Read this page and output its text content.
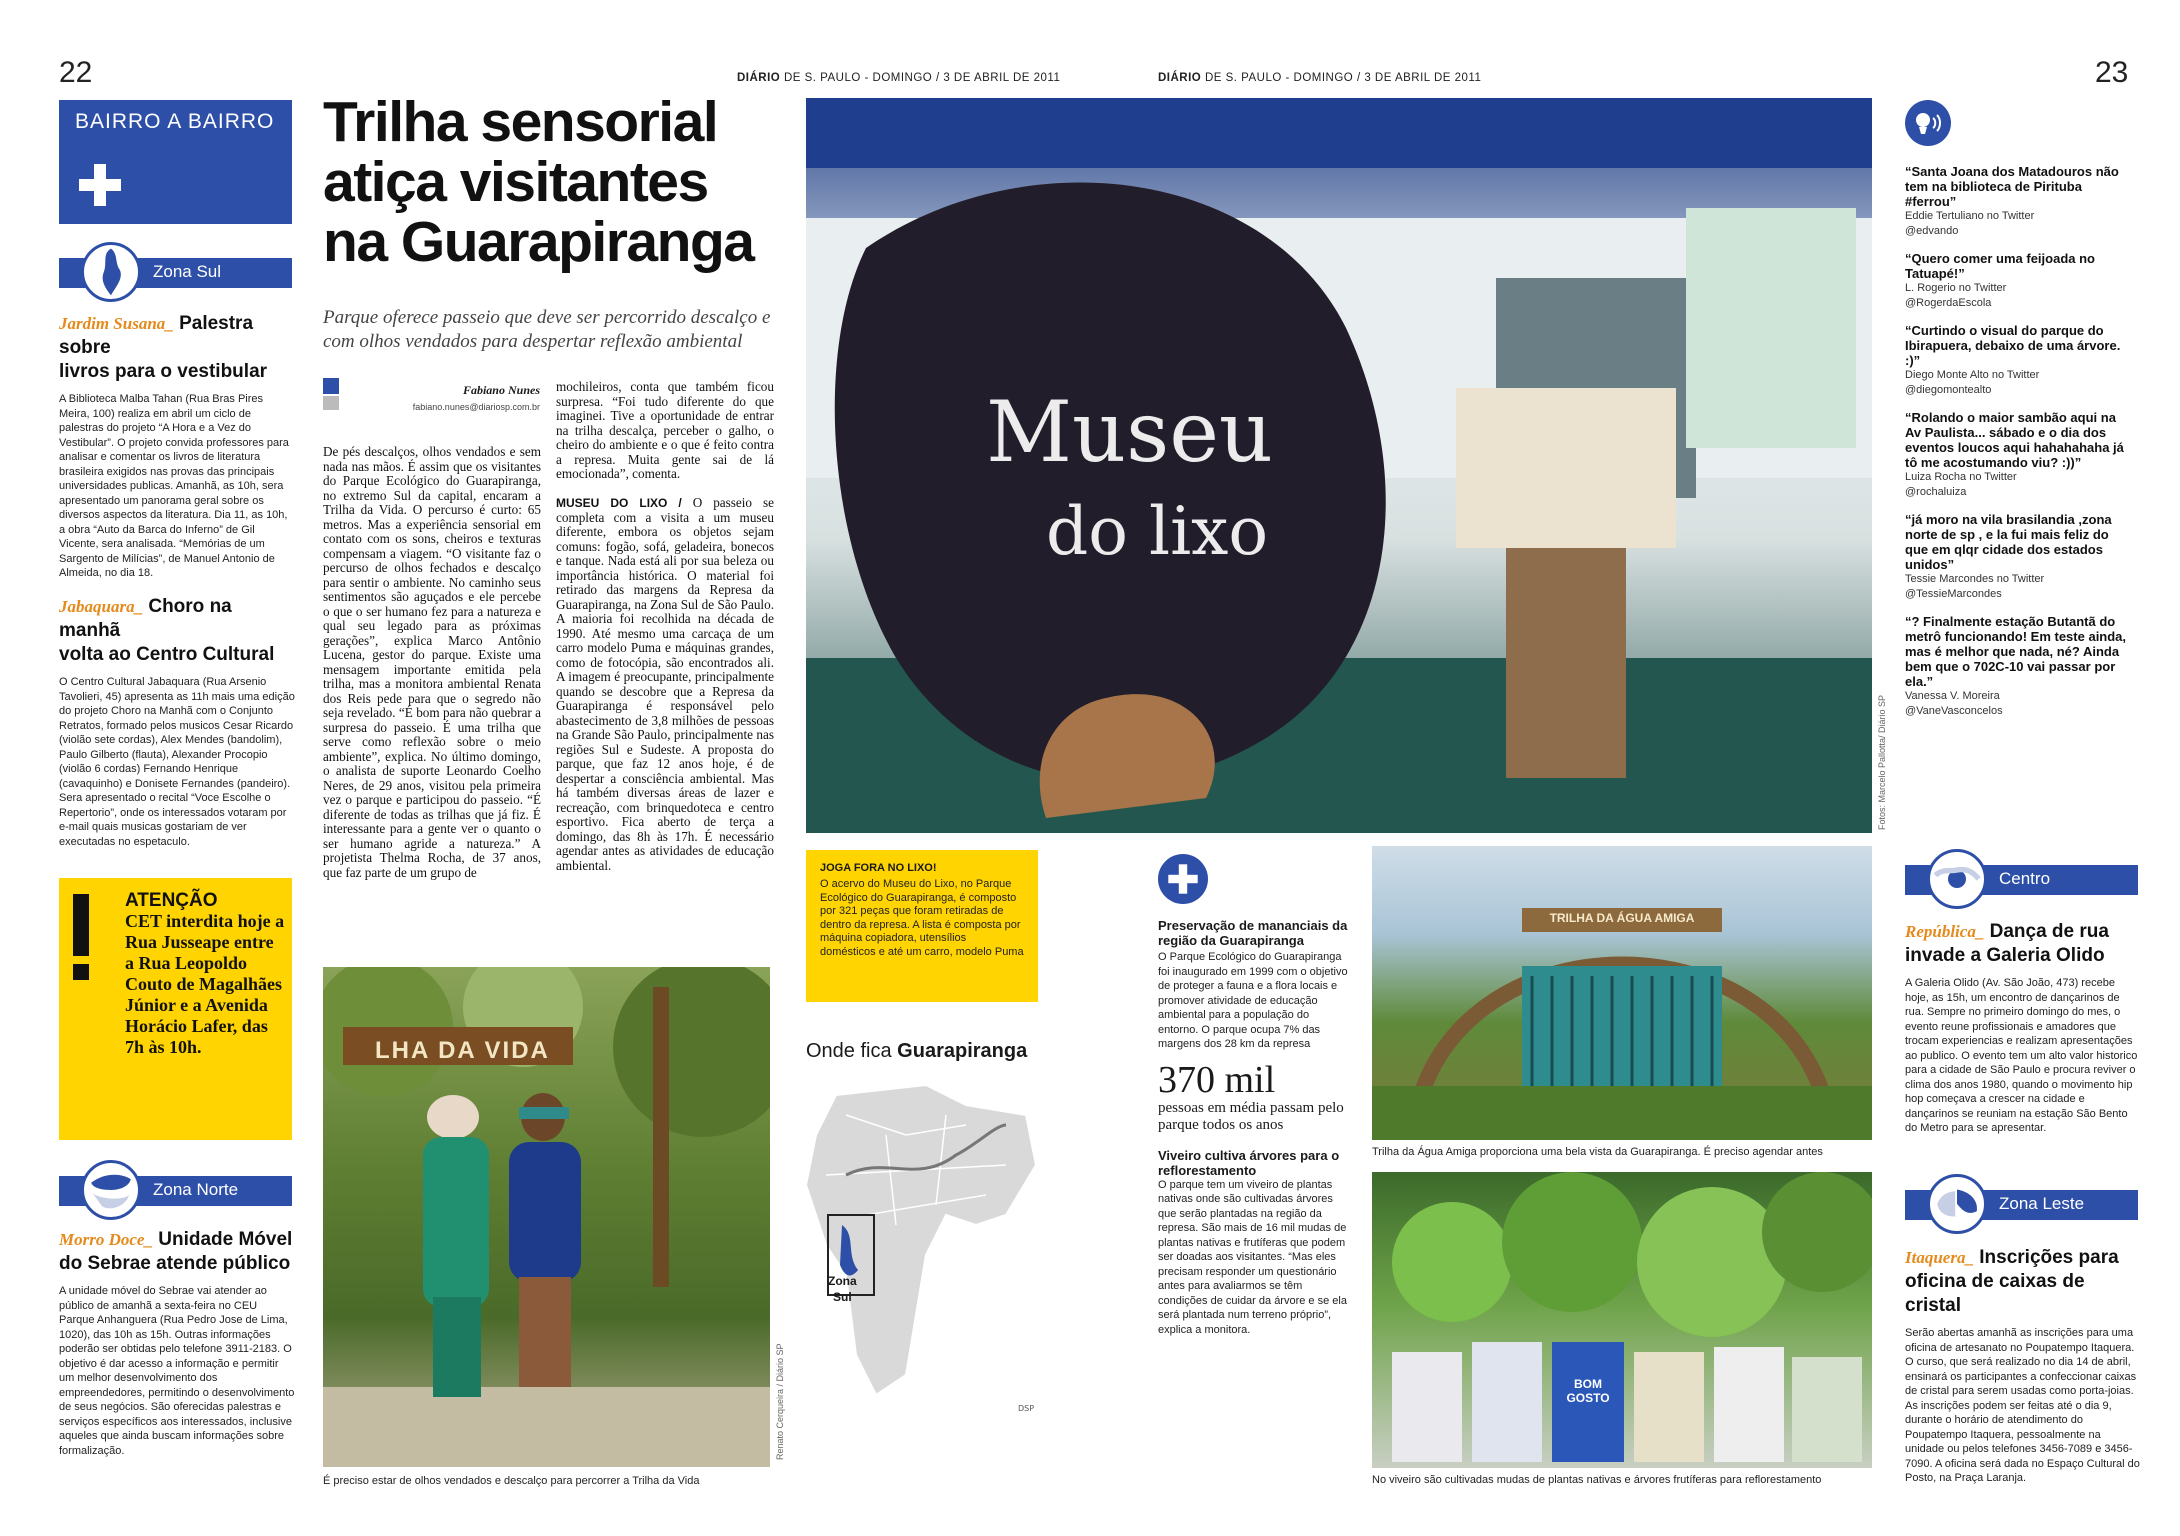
22	23
DIÁRIO DE S. PAULO - DOMINGO / 3 DE ABRIL DE 2011	DIÁRIO DE S. PAULO - DOMINGO / 3 DE ABRIL DE 2011
BAIRRO A BAIRRO
Zona Sul
Jardim Susana_ Palestra sobre
livros para o vestibular
A Biblioteca Malba Tahan (Rua Bras Pires Meira, 100) realiza em abril um ciclo de palestras do projeto “A Hora e a Vez do Vestibular”. O projeto convida professores para analisar e comentar os livros de literatura brasileira exigidos nas provas das principais universidades publicas. Amanhã, as 10h, sera apresentado um panorama geral sobre os diversos aspectos da literatura. Dia 11, as 10h, a obra “Auto da Barca do Inferno” de Gil Vicente, sera analisada. “Memórias de um Sargento de Milícias”, de Manuel Antonio de Almeida, no dia 18.
Jabaquara_ Choro na manhã
volta ao Centro Cultural
O Centro Cultural Jabaquara (Rua Arsenio Tavolieri, 45) apresenta as 11h mais uma edição do projeto Choro na Manhã com o Conjunto Retratos, formado pelos musicos Cesar Ricardo (violão sete cordas), Alex Mendes (bandolim), Paulo Gilberto (flauta), Alexander Procopio (violão 6 cordas) Fernando Henrique (cavaquinho) e Donisete Fernandes (pandeiro). Sera apresentado o recital “Voce Escolhe o Repertorio”, onde os interessados votaram por e-mail quais musicas gostariam de ver executadas no espetaculo.
ATENÇÃO
CET interdita hoje a Rua Jusseape entre a Rua Leopoldo Couto de Magalhães Júnior e a Avenida Horácio Lafer, das 7h às 10h.
Zona Norte
Morro Doce_ Unidade Móvel
do Sebrae atende público
A unidade móvel do Sebrae vai atender ao público de amanhã a sexta-feira no CEU Parque Anhanguera (Rua Pedro Jose de Lima, 1020), das 10h as 15h. Outras informações poderão ser obtidas pelo telefone 3911-2183. O objetivo é dar acesso a informação e permitir um melhor desenvolvimento dos empreendedores, permitindo o desenvolvimento de seus negócios. São oferecidas palestras e serviços específicos aos interessados, inclusive aqueles que ainda buscam informações sobre formalização.
Trilha sensorial
atiça visitantes
na Guarapiranga
Parque oferece passeio que deve ser percorrido descalço e com olhos vendados para despertar reflexão ambiental
Fabiano Nunes
fabiano.nunes@diariosp.com.br
De pés descalços, olhos vendados e sem nada nas mãos. É assim que os visitantes do Parque Ecológico do Guarapiranga, no extremo Sul da capital, encaram a Trilha da Vida. O percurso é curto: 65 metros. Mas a experiência sensorial em contato com os sons, cheiros e texturas compensam a viagem. “O visitante faz o percurso de olhos fechados e descalço para sentir o ambiente. No caminho seus sentimentos são aguçados e ele percebe o que o ser humano fez para a natureza e qual seu legado para as próximas gerações”, explica Marco Antônio Lucena, gestor do parque. Existe uma mensagem importante emitida pela trilha, mas a monitora ambiental Renata dos Reis pede para que o segredo não seja revelado. “É bom para não quebrar a surpresa do passeio. É uma trilha que serve como reflexão sobre o meio ambiente”, explica. No último domingo, o analista de suporte Leonardo Coelho Neres, de 29 anos, visitou pela primeira vez o parque e participou do passeio. “É diferente de todas as trilhas que já fiz. É interessante para a gente ver o quanto o ser humano agride a natureza.” A projetista Thelma Rocha, de 37 anos, que faz parte de um grupo de
mochileiros, conta que também ficou surpresa. “Foi tudo diferente do que imaginei. Tive a oportunidade de entrar na trilha descalça, perceber o galho, o cheiro do ambiente e o que é feito contra a represa. Muita gente sai de lá emocionada”, comenta.

MUSEU DO LIXO / O passeio se completa com a visita a um museu diferente, embora os objetos sejam comuns: fogão, sofá, geladeira, bonecos e tanque. Nada está ali por sua beleza ou importância histórica. O material foi retirado das margens da Represa da Guarapiranga, na Zona Sul de São Paulo. A maioria foi recolhida na década de 1990. Até mesmo uma carcaça de um carro modelo Puma e máquinas grandes, como de fotocópia, são encontrados ali. A imagem é preocupante, principalmente quando se descobre que a Represa da Guarapiranga é responsável pelo abastecimento de 3,8 milhões de pessoas na Grande São Paulo, principalmente nas regiões Sul e Sudeste. A proposta do parque, que faz 12 anos hoje, é de despertar a consciência ambiental. Mas há também diversas áreas de lazer e recreação, com brinquedoteca e centro esportivo. Fica aberto de terça a domingo, das 8h às 17h. É necessário agendar antes as atividades de educação ambiental.
LHA DA VIDA
Renato Cerqueira / Diário SP
É preciso estar de olhos vendados e descalço para percorrer a Trilha da Vida
Museu
do lixo
Fotos: Marcelo Pallotta/ Diário SP
JOGA FORA NO LIXO!
O acervo do Museu do Lixo, no Parque Ecológico do Guarapiranga, é composto por 321 peças que foram retiradas de dentro da represa. A lista é composta por máquina copiadora, utensílios domésticos e até um carro, modelo Puma
Onde fica Guarapiranga
Zona
Sul
DSP
Preservação de mananciais da região da Guarapiranga
O Parque Ecológico do Guarapiranga foi inaugurado em 1999 com o objetivo de proteger a fauna e a flora locais e promover atividade de educação ambiental para a população do entorno. O parque ocupa 7% das margens dos 28 km da represa
370 mil
pessoas em média passam pelo parque todos os anos
Viveiro cultiva árvores para o reflorestamento
O parque tem um viveiro de plantas nativas onde são cultivadas árvores que serão plantadas na região da represa. São mais de 16 mil mudas de plantas nativas e frutíferas que podem ser doadas aos visitantes. “Mas eles precisam responder um questionário antes para avaliarmos se têm condições de cuidar da árvore e se ela será plantada num terreno próprio”, explica a monitora.
TRILHA DA ÁGUA AMIGA
Trilha da Água Amiga proporciona uma bela vista da Guarapiranga. É preciso agendar antes
BOM GOSTO
No viveiro são cultivadas mudas de plantas nativas e árvores frutíferas para reflorestamento
“Santa Joana dos Matadouros não tem na biblioteca de Pirituba #ferrou”
Eddie Tertuliano no Twitter
@edvando
“Quero comer uma feijoada no Tatuapé!”
L. Rogerio no Twitter
@RogerdaEscola
“Curtindo o visual do parque do Ibirapuera, debaixo de uma árvore. :)”
Diego Monte Alto no Twitter
@diegomontealto
“Rolando o maior sambão aqui na Av Paulista... sábado e o dia dos eventos loucos aqui hahahahaha já tô me acostumando viu? :))”
Luiza Rocha no Twitter
@rochaluiza
“já moro na vila brasilandia ,zona norte de sp , e la fui mais feliz do que em qlqr cidade dos estados unidos”
Tessie Marcondes no Twitter
@TessieMarcondes
“? Finalmente estação Butantã do metrô funcionando! Em teste ainda, mas é melhor que nada, né? Ainda bem que o 702C-10 vai passar por ela.”
Vanessa V. Moreira
@VaneVasconcelos
Centro
República_ Dança de rua
invade a Galeria Olido
A Galeria Olido (Av. São João, 473) recebe hoje, as 15h, um encontro de dançarinos de rua. Sempre no primeiro domingo do mes, o evento reune profissionais e amadores que trocam experiencias e realizam apresentações ao publico. O evento tem um alto valor historico para a cidade de São Paulo e procura reviver o clima dos anos 1980, quando o movimento hip hop começava a crescer na cidade e dançarinos se reuniam na estação São Bento do Metro para se apresentar.
Zona Leste
Itaquera_ Inscrições para
oficina de caixas de cristal
Serão abertas amanhã as inscrições para uma oficina de artesanato no Poupatempo Itaquera. O curso, que será realizado no dia 14 de abril, ensinará os participantes a confeccionar caixas de cristal para serem usadas como porta-joias. As inscrições podem ser feitas até o dia 9, durante o horário de atendimento do Poupatempo Itaquera, pessoalmente na unidade ou pelos telefones 3456-7089 e 3456-7090. A oficina será dada no Espaço Cultural do Posto, na Praça Laranja.
